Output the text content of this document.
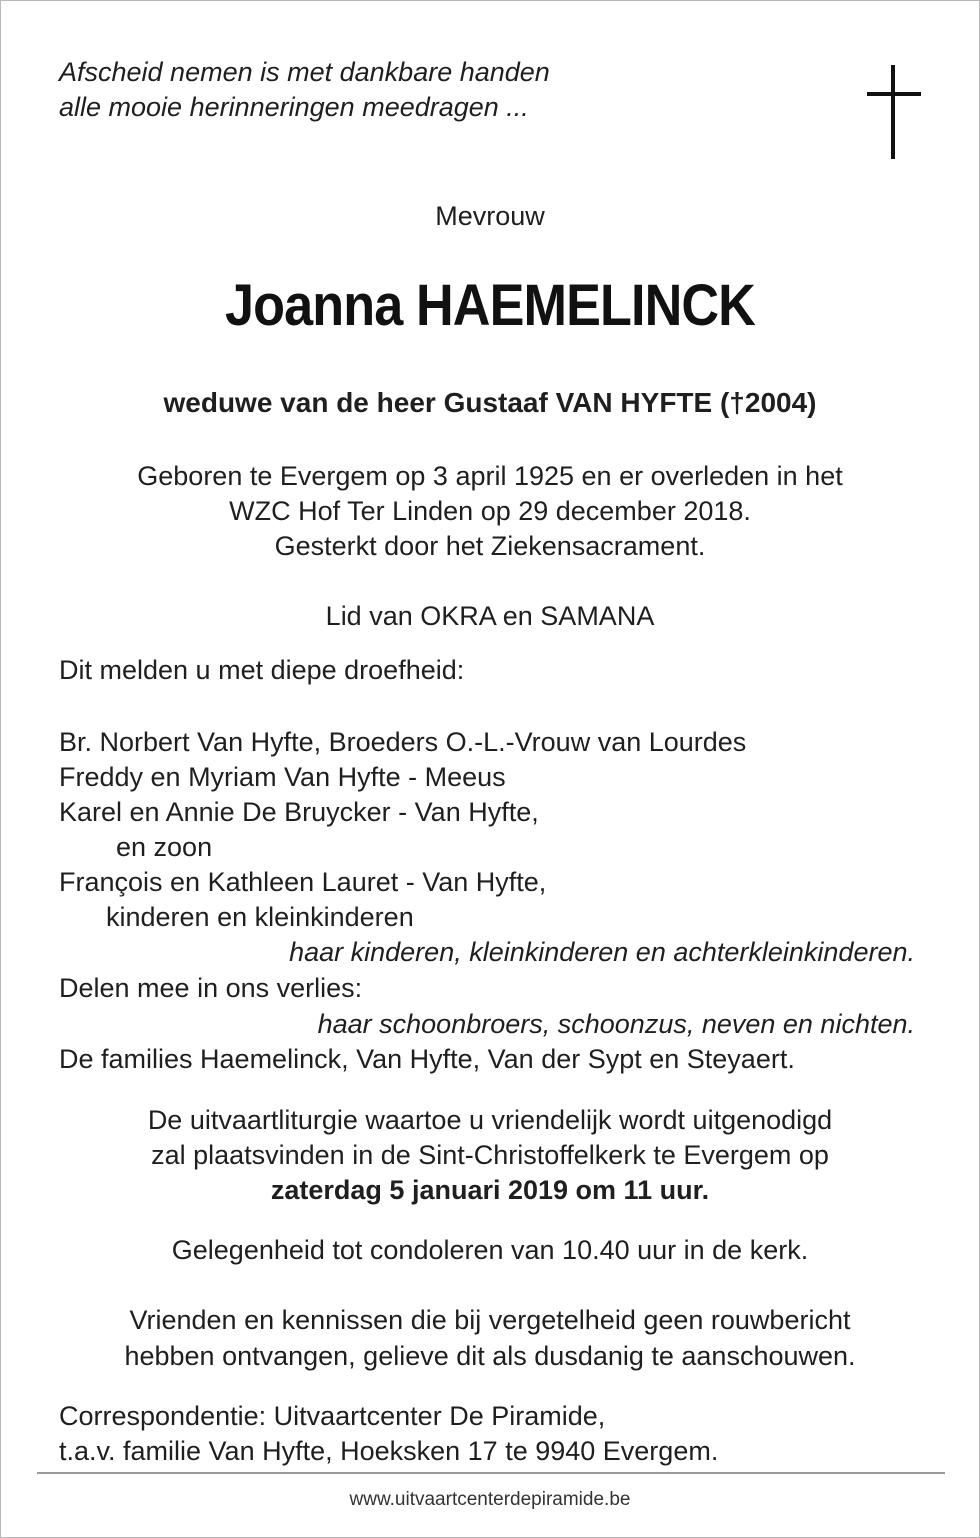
Afscheid nemen is met dankbare handen
alle mooie herinneringen meedragen ...
Mevrouw
Joanna HAEMELINCK
weduwe van de heer Gustaaf VAN HYFTE (†2004)
Geboren te Evergem op 3 april 1925 en er overleden in het
WZC Hof Ter Linden op 29 december 2018.
Gesterkt door het Ziekensacrament.
Lid van OKRA en SAMANA
Dit melden u met diepe droefheid:
Br. Norbert Van Hyfte, Broeders O.-L.-Vrouw van Lourdes
Freddy en Myriam Van Hyfte - Meeus
Karel en Annie De Bruycker - Van Hyfte,
en zoon
François en Kathleen Lauret - Van Hyfte,
kinderen en kleinkinderen
haar kinderen, kleinkinderen en achterkleinkinderen.
Delen mee in ons verlies:
haar schoonbroers, schoonzus, neven en nichten.
De families Haemelinck, Van Hyfte, Van der Sypt en Steyaert.
De uitvaartliturgie waartoe u vriendelijk wordt uitgenodigd
zal plaatsvinden in de Sint-Christoffelkerk te Evergem op
zaterdag 5 januari 2019 om 11 uur.
Gelegenheid tot condoleren van 10.40 uur in de kerk.
Vrienden en kennissen die bij vergetelheid geen rouwbericht
hebben ontvangen, gelieve dit als dusdanig te aanschouwen.
Correspondentie: Uitvaartcenter De Piramide,
t.a.v. familie Van Hyfte, Hoeksken 17 te 9940 Evergem.
www.uitvaartcenterdepiramide.be
